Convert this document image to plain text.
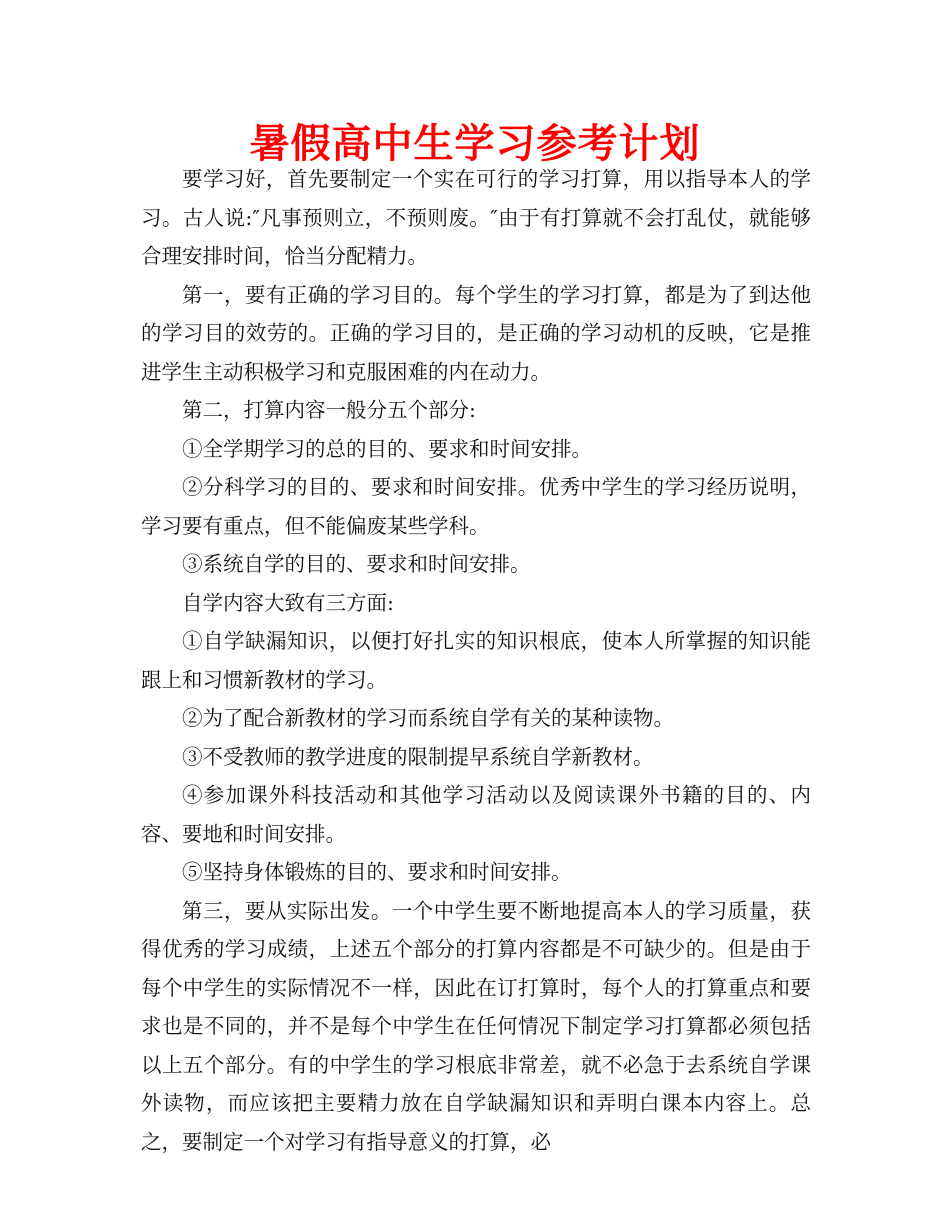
暑假高中生学习参考计划

要学习好，首先要制定一个实在可行的学习打算，用以指导本人的学习。古人说:″凡事预则立，不预则废。″由于有打算就不会打乱仗，就能够合理安排时间，恰当分配精力。

第一，要有正确的学习目的。每个学生的学习打算，都是为了到达他的学习目的效劳的。正确的学习目的，是正确的学习动机的反映，它是推进学生主动积极学习和克服困难的内在动力。

第二，打算内容一般分五个部分:

①全学期学习的总的目的、要求和时间安排。

②分科学习的目的、要求和时间安排。优秀中学生的学习经历说明，学习要有重点，但不能偏废某些学科。

③系统自学的目的、要求和时间安排。

自学内容大致有三方面:

①自学缺漏知识，以便打好扎实的知识根底，使本人所掌握的知识能跟上和习惯新教材的学习。

②为了配合新教材的学习而系统自学有关的某种读物。

③不受教师的教学进度的限制提早系统自学新教材。

④参加课外科技活动和其他学习活动以及阅读课外书籍的目的、内容、要地和时间安排。

⑤坚持身体锻炼的目的、要求和时间安排。

第三，要从实际出发。一个中学生要不断地提高本人的学习质量，获得优秀的学习成绩，上述五个部分的打算内容都是不可缺少的。但是由于每个中学生的实际情况不一样，因此在订打算时，每个人的打算重点和要求也是不同的，并不是每个中学生在任何情况下制定学习打算都必须包括以上五个部分。有的中学生的学习根底非常差，就不必急于去系统自学课外读物，而应该把主要精力放在自学缺漏知识和弄明白课本内容上。总之，要制定一个对学习有指导意义的打算，必
